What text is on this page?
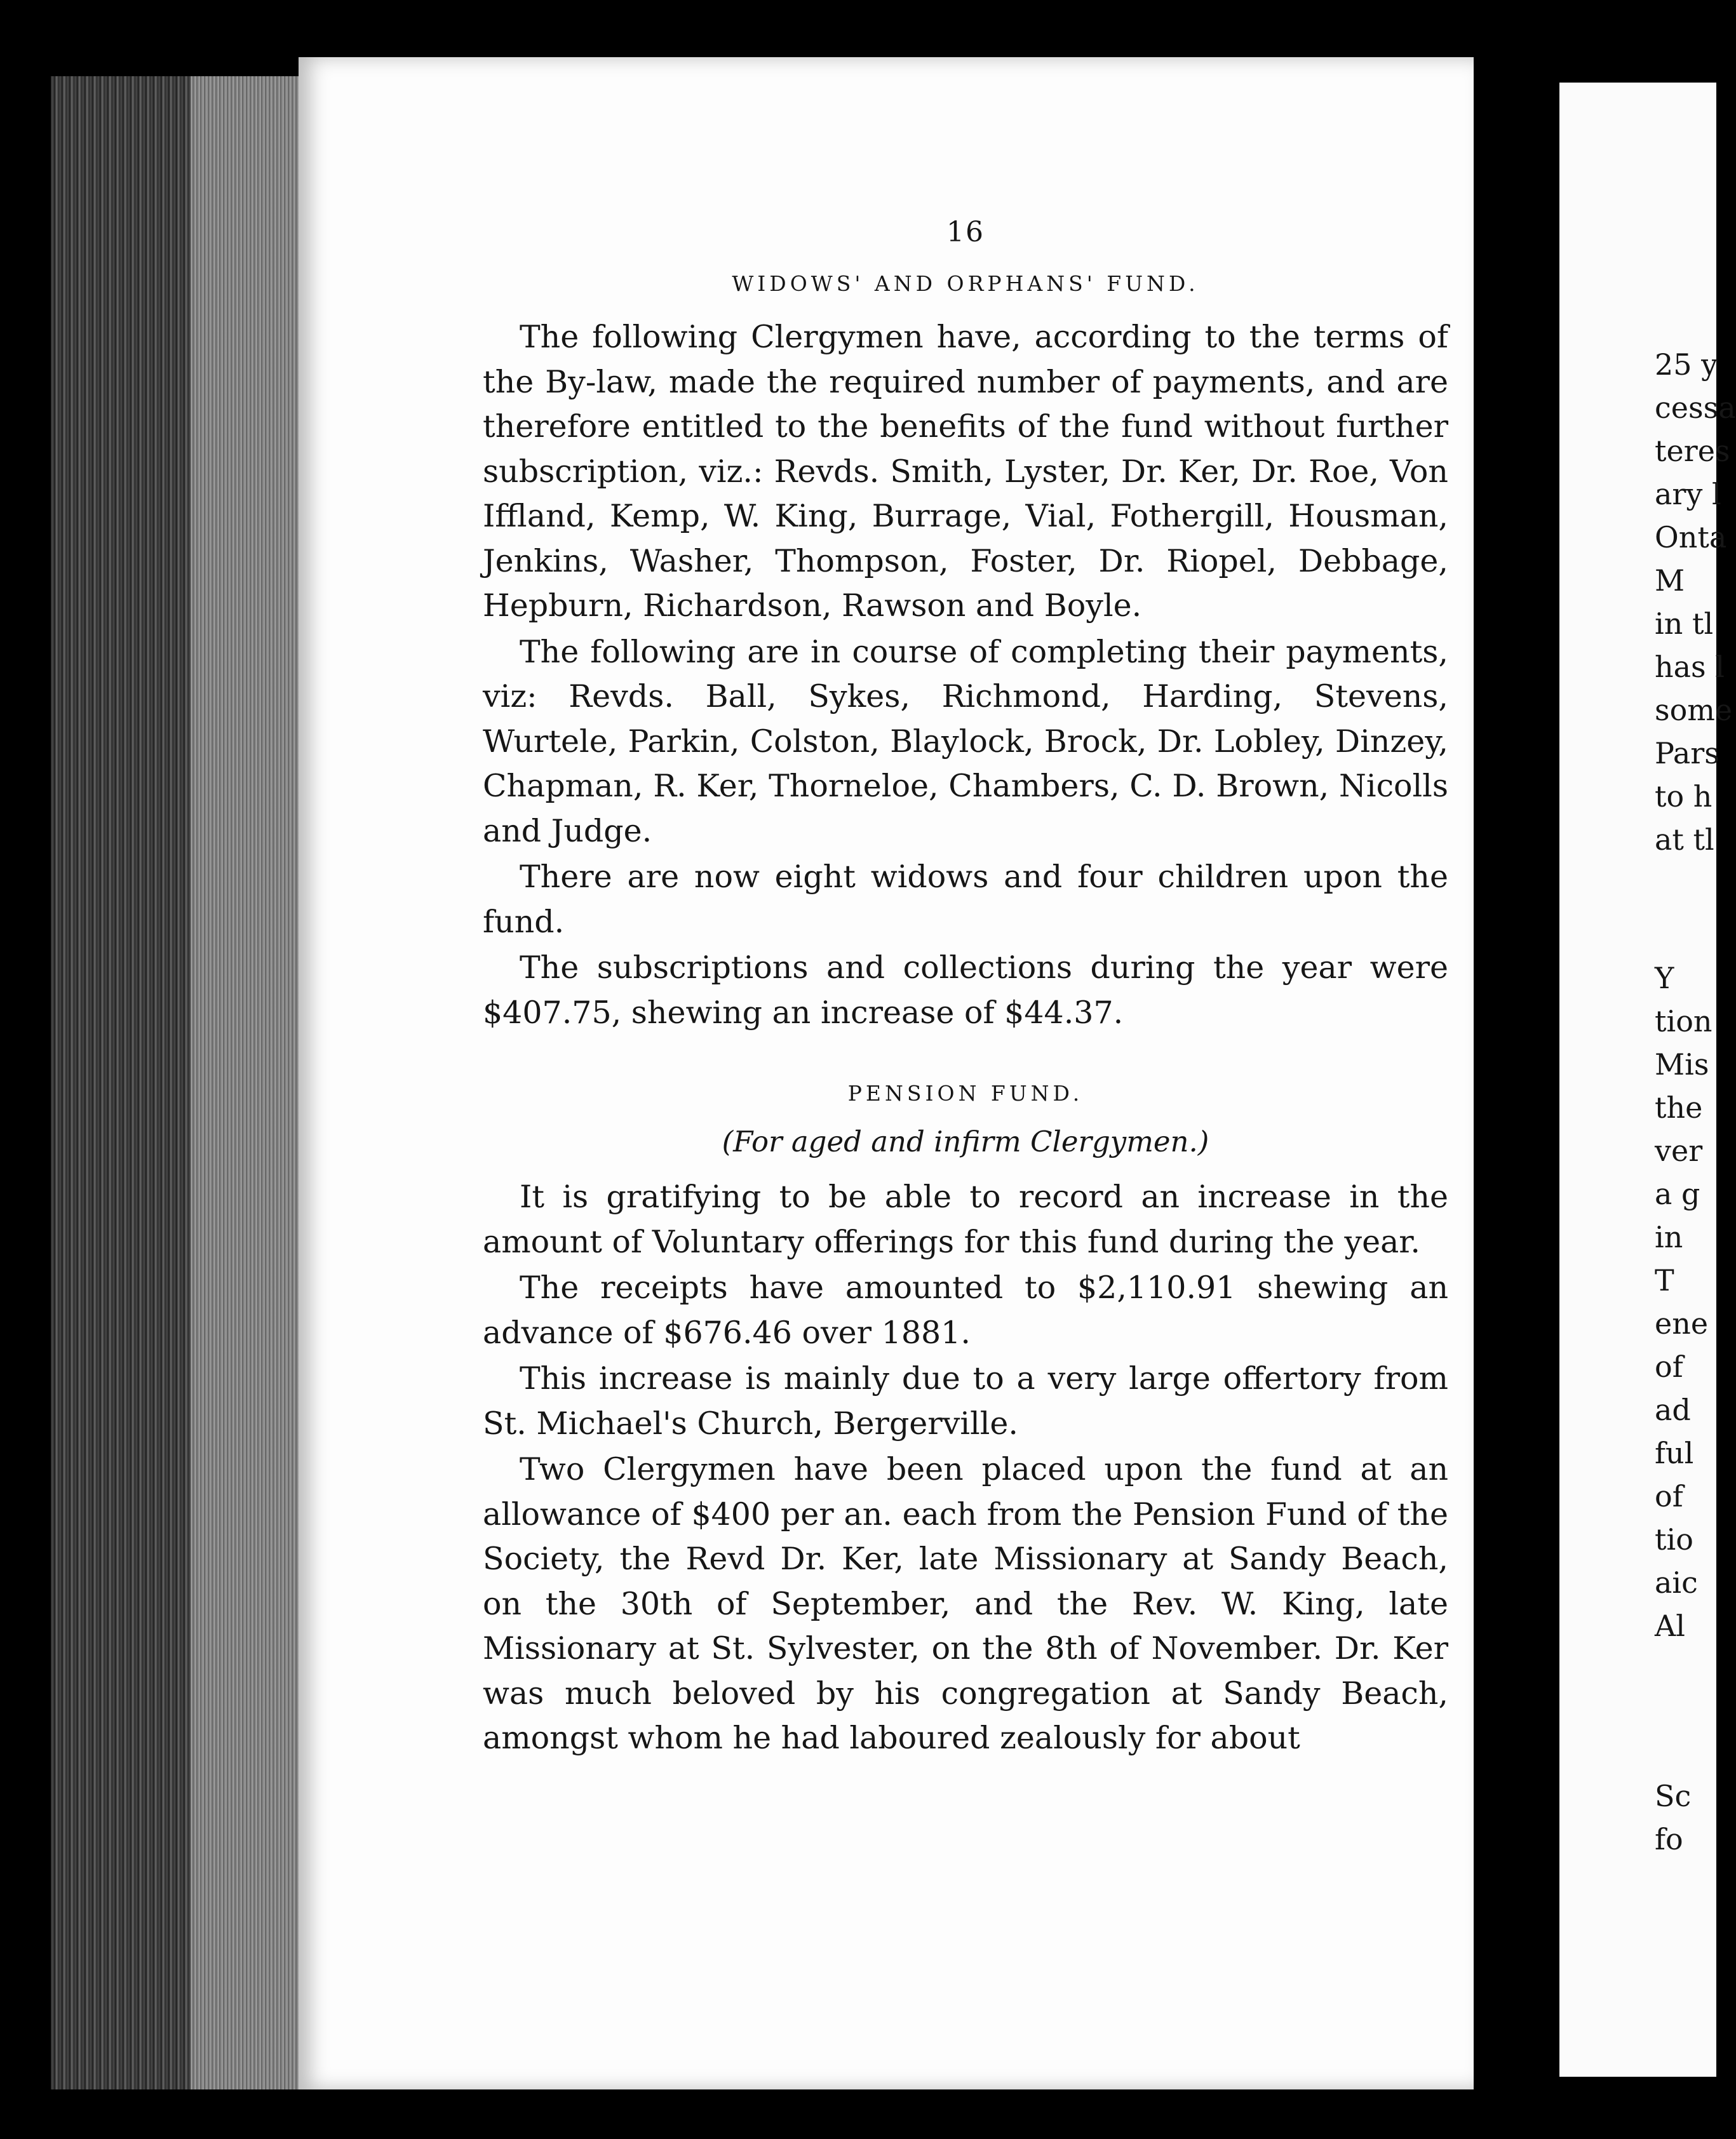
16
WIDOWS' AND ORPHANS' FUND.

The following Clergymen have, according to the terms of the By-law, made the required number of payments, and are therefore entitled to the benefits of the fund without further subscription, viz.: Revds. Smith, Lyster, Dr. Ker, Dr. Roe, Von Iffland, Kemp, W. King, Burrage, Vial, Fothergill, Housman, Jenkins, Washer, Thompson, Foster, Dr. Riopel, Debbage, Hepburn, Richardson, Rawson and Boyle.

The following are in course of completing their payments, viz: Revds. Ball, Sykes, Richmond, Harding, Stevens, Wurtele, Parkin, Colston, Blaylock, Brock, Dr. Lobley, Dinzey, Chapman, R. Ker, Thorneloe, Chambers, C. D. Brown, Nicolls and Judge.

There are now eight widows and four children upon the fund.

The subscriptions and collections during the year were $407.75, shewing an increase of $44.37.

PENSION FUND.
(For aged and infirm Clergymen.)

It is gratifying to be able to record an increase in the amount of Voluntary offerings for this fund during the year.

The receipts have amounted to $2,110.91 shewing an advance of $676.46 over 1881.

This increase is mainly due to a very large offertory from St. Michael's Church, Bergerville.

Two Clergymen have been placed upon the fund at an allowance of $400 per an. each from the Pension Fund of the Society, the Revd Dr. Ker, late Missionary at Sandy Beach, on the 30th of September, and the Rev. W. King, late Missionary at St. Sylvester, on the 8th of November. Dr. Ker was much beloved by his congregation at Sandy Beach, amongst whom he had laboured zealously for about

25 y
cessa
teres
ary l
Onta
M
in tl
has l
some
Pars
to h
at tl
Y
tion
Mis
the
ver
a g
in
T
ene
of
ad
ful
of
tio
aic
Al
Sc
fo
